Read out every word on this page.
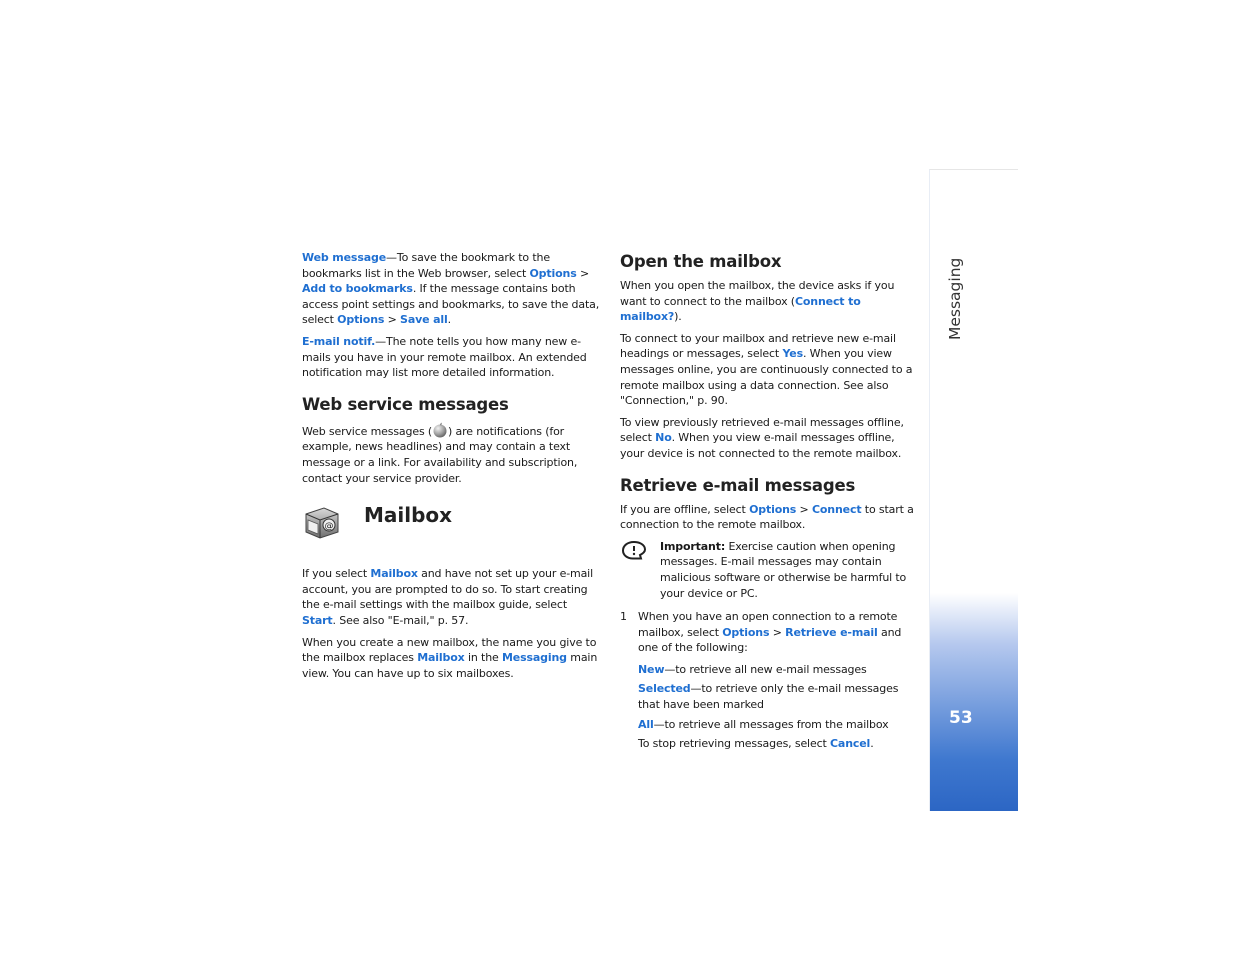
Web message—To save the bookmark to the bookmarks list in the Web browser, select Options > Add to bookmarks. If the message contains both access point settings and bookmarks, to save the data, select Options > Save all.

E-mail notif.—The note tells you how many new e-mails you have in your remote mailbox. An extended notification may list more detailed information.

Web service messages

Web service messages ( ) are notifications (for example, news headlines) and may contain a text message or a link. For availability and subscription, contact your service provider.

@ Mailbox

If you select Mailbox and have not set up your e-mail account, you are prompted to do so. To start creating the e-mail settings with the mailbox guide, select Start. See also "E-mail," p. 57.

When you create a new mailbox, the name you give to the mailbox replaces Mailbox in the Messaging main view. You can have up to six mailboxes.

Open the mailbox

When you open the mailbox, the device asks if you want to connect to the mailbox (Connect to mailbox?).

To connect to your mailbox and retrieve new e-mail headings or messages, select Yes. When you view messages online, you are continuously connected to a remote mailbox using a data connection. See also "Connection," p. 90.

To view previously retrieved e-mail messages offline, select No. When you view e-mail messages offline, your device is not connected to the remote mailbox.

Retrieve e-mail messages

If you are offline, select Options > Connect to start a connection to the remote mailbox.

Important: Exercise caution when opening messages. E-mail messages may contain malicious software or otherwise be harmful to your device or PC.

1	When you have an open connection to a remote mailbox, select Options > Retrieve e-mail and one of the following:

New—to retrieve all new e-mail messages

Selected—to retrieve only the e-mail messages that have been marked

All—to retrieve all messages from the mailbox

To stop retrieving messages, select Cancel.

Messaging
53
